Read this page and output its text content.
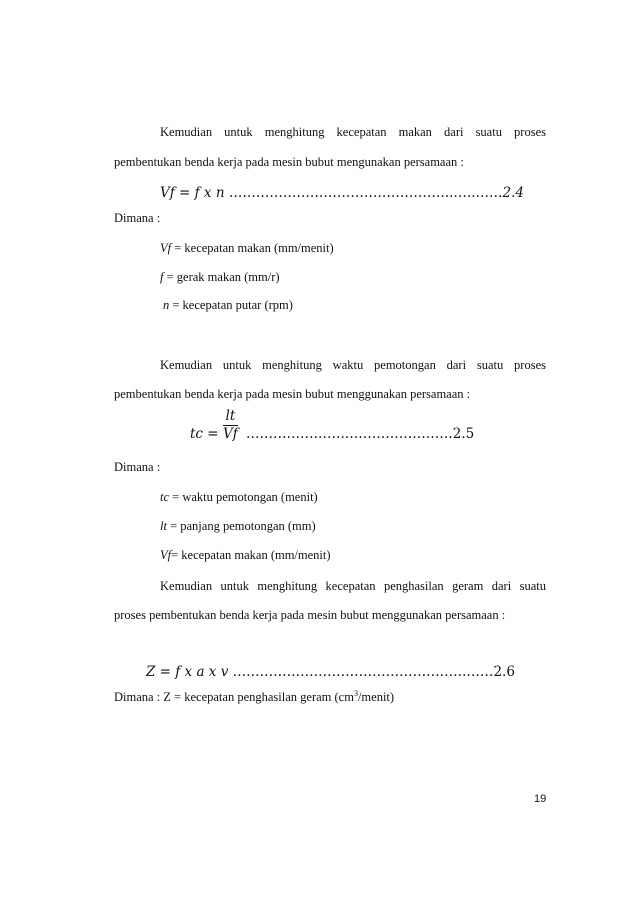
Kemudian untuk menghitung kecepatan makan dari suatu proses
pembentukan benda kerja pada mesin bubut mengunakan persamaan :
Vf = f x n …………………………………………..…..……2.4
Dimana :
Vf = kecepatan makan (mm/menit)
f = gerak makan (mm/r)
n = kecepatan putar (rpm)
Kemudian untuk menghitung waktu pemotongan dari suatu proses
pembentukan benda kerja pada mesin bubut menggunakan persamaan :
tc = $\frac{lt}{Vf}$ ………………….……………………2.5
Dimana :
tc = waktu pemotongan (menit)
lt = panjang pemotongan (mm)
Vf= kecepatan makan (mm/menit)
Kemudian untuk menghitung kecepatan penghasilan geram dari suatu
proses pembentukan benda kerja pada mesin bubut menggunakan persamaan :
Z = f x a x v …………………………………………….……2.6
Dimana : Z = kecepatan penghasilan geram $(cm^3/menit)$
19
